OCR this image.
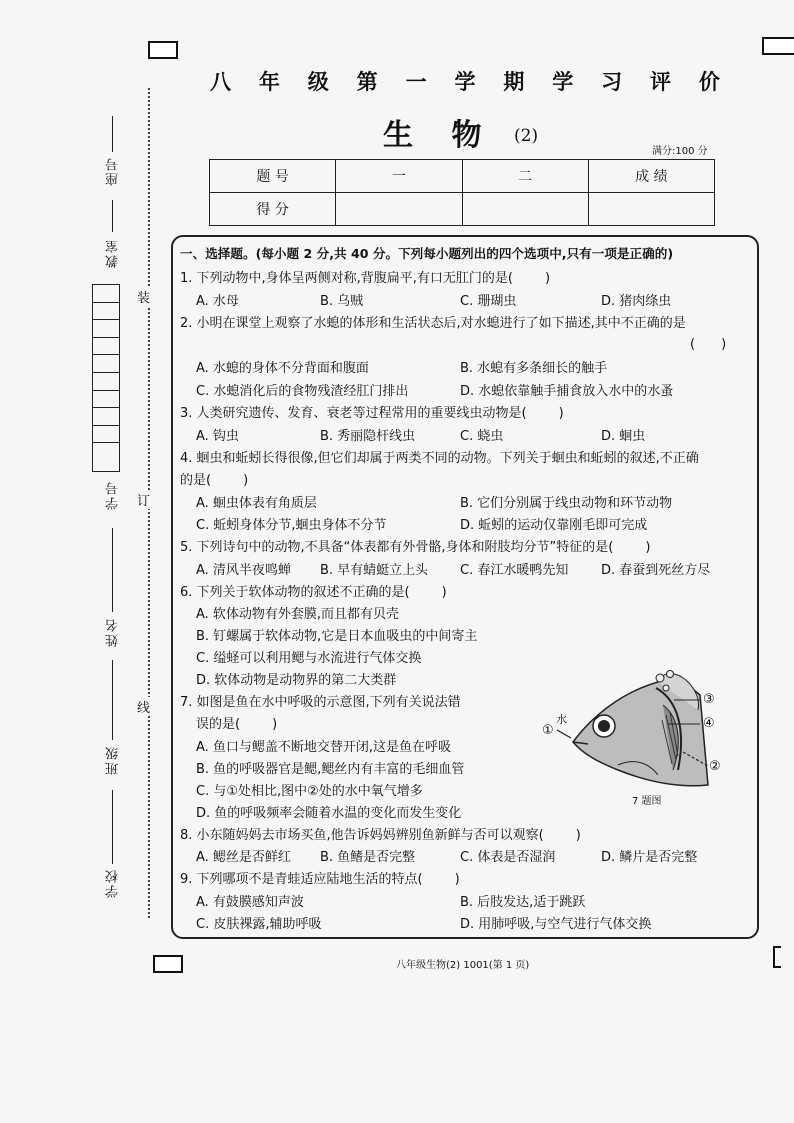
学校
班级
姓名
学号
教室
座号
装
订
线
八 年 级 第 一 学 期 学 习 评 价
生 物 (2)
满分:100 分
题 号	一	二	成 绩
得 分			
一、选择题。(每小题 2 分,共 40 分。下列每小题列出的四个选项中,只有一项是正确的)
1. 下列动物中,身体呈两侧对称,背腹扁平,有口无肛门的是( )
A. 水母	B. 乌贼	C. 珊瑚虫	D. 猪肉绦虫
2. 小明在课堂上观察了水螅的体形和生活状态后,对水螅进行了如下描述,其中不正确的是
(　　)
A. 水螅的身体不分背面和腹面	B. 水螅有多条细长的触手
C. 水螅消化后的食物残渣经肛门排出	D. 水螅依靠触手捕食放入水中的水蚤
3. 人类研究遗传、发育、衰老等过程常用的重要线虫动物是( )
A. 钩虫	B. 秀丽隐杆线虫	C. 蛲虫	D. 蛔虫
4. 蛔虫和蚯蚓长得很像,但它们却属于两类不同的动物。下列关于蛔虫和蚯蚓的叙述,不正确
的是( )
A. 蛔虫体表有角质层	B. 它们分别属于线虫动物和环节动物
C. 蚯蚓身体分节,蛔虫身体不分节	D. 蚯蚓的运动仅靠刚毛即可完成
5. 下列诗句中的动物,不具备“体表都有外骨骼,身体和附肢均分节”特征的是( )
A. 清风半夜鸣蝉 B. 早有蜻蜓立上头 C. 春江水暖鸭先知	D. 春蚕到死丝方尽
6. 下列关于软体动物的叙述不正确的是( )
A. 软体动物有外套膜,而且都有贝壳
B. 钉螺属于软体动物,它是日本血吸虫的中间寄主
C. 缢蛏可以利用鳃与水流进行气体交换
D. 软体动物是动物界的第二大类群
7. 如图是鱼在水中呼吸的示意图,下列有关说法错
误的是( )
A. 鱼口与鳃盖不断地交替开闭,这是鱼在呼吸
B. 鱼的呼吸器官是鳃,鳃丝内有丰富的毛细血管
C. 与①处相比,图中②处的水中氧气增多
D. 鱼的呼吸频率会随着水温的变化而发生变化
8. 小东随妈妈去市场买鱼,他告诉妈妈辨别鱼新鲜与否可以观察( )
A. 鳃丝是否鲜红 B. 鱼鳍是否完整	C. 体表是否湿润	D. 鳞片是否完整
9. 下列哪项不是青蛙适应陆地生活的特点( )
A. 有鼓膜感知声波	B. 后肢发达,适于跳跃
C. 皮肤裸露,辅助呼吸	D. 用肺呼吸,与空气进行气体交换
水
①
③
④
②
7 题图
八年级生物(2) 1001(第 1 页)
